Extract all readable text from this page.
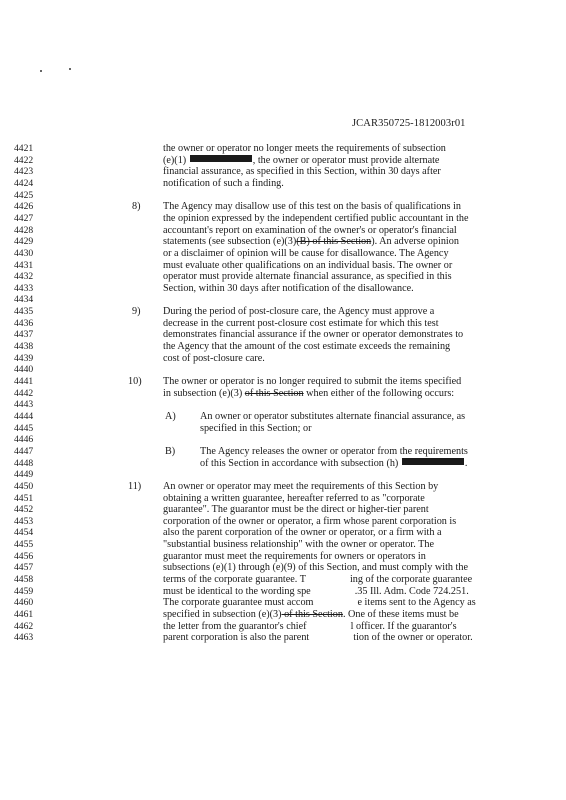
JCAR350725-1812003r01
4421	the owner or operator no longer meets the requirements of subsection
4422	(e)(1)	, the owner or operator must provide alternate
4423	financial assurance, as specified in this Section, within 30 days after
4424	notification of such a finding.
4425
4426	8) The Agency may disallow use of this test on the basis of qualifications in
4427	the opinion expressed by the independent certified public accountant in the
4428	accountant's report on examination of the owner's or operator's financial
4429	statements (see subsection (e)(3)(B) of this Section). An adverse opinion
4430	or a disclaimer of opinion will be cause for disallowance. The Agency
4431	must evaluate other qualifications on an individual basis. The owner or
4432	operator must provide alternate financial assurance, as specified in this
4433	Section, within 30 days after notification of the disallowance.
4434
4435	9) During the period of post-closure care, the Agency must approve a
4436	decrease in the current post-closure cost estimate for which this test
4437	demonstrates financial assurance if the owner or operator demonstrates to
4438	the Agency that the amount of the cost estimate exceeds the remaining
4439	cost of post-closure care.
4440
4441	10) The owner or operator is no longer required to submit the items specified
4442	in subsection (e)(3) of this Section when either of the following occurs:
4443
4444	A) An owner or operator substitutes alternate financial assurance, as
4445	specified in this Section; or
4446
4447	B) The Agency releases the owner or operator from the requirements
4448	of this Section in accordance with subsection (h)	.
4449
4450	11) An owner or operator may meet the requirements of this Section by
4451	obtaining a written guarantee, hereafter referred to as "corporate
4452	guarantee". The guarantor must be the direct or higher-tier parent
4453	corporation of the owner or operator, a firm whose parent corporation is
4454	also the parent corporation of the owner or operator, or a firm with a
4455	"substantial business relationship" with the owner or operator. The
4456	guarantor must meet the requirements for owners or operators in
4457	subsections (e)(1) through (e)(9) of this Section, and must comply with the
4458	terms of the corporate guarantee. T	ing of the corporate guarantee
4459	must be identical to the wording spe	.35 Ill. Adm. Code 724.251.
4460	The corporate guarantee must accom	e items sent to the Agency as
4461	specified in subsection (e)(3) of this Section. One of these items must be
4462	the letter from the guarantor's chief	l officer. If the guarantor's
4463	parent corporation is also the parent	tion of the owner or operator.
